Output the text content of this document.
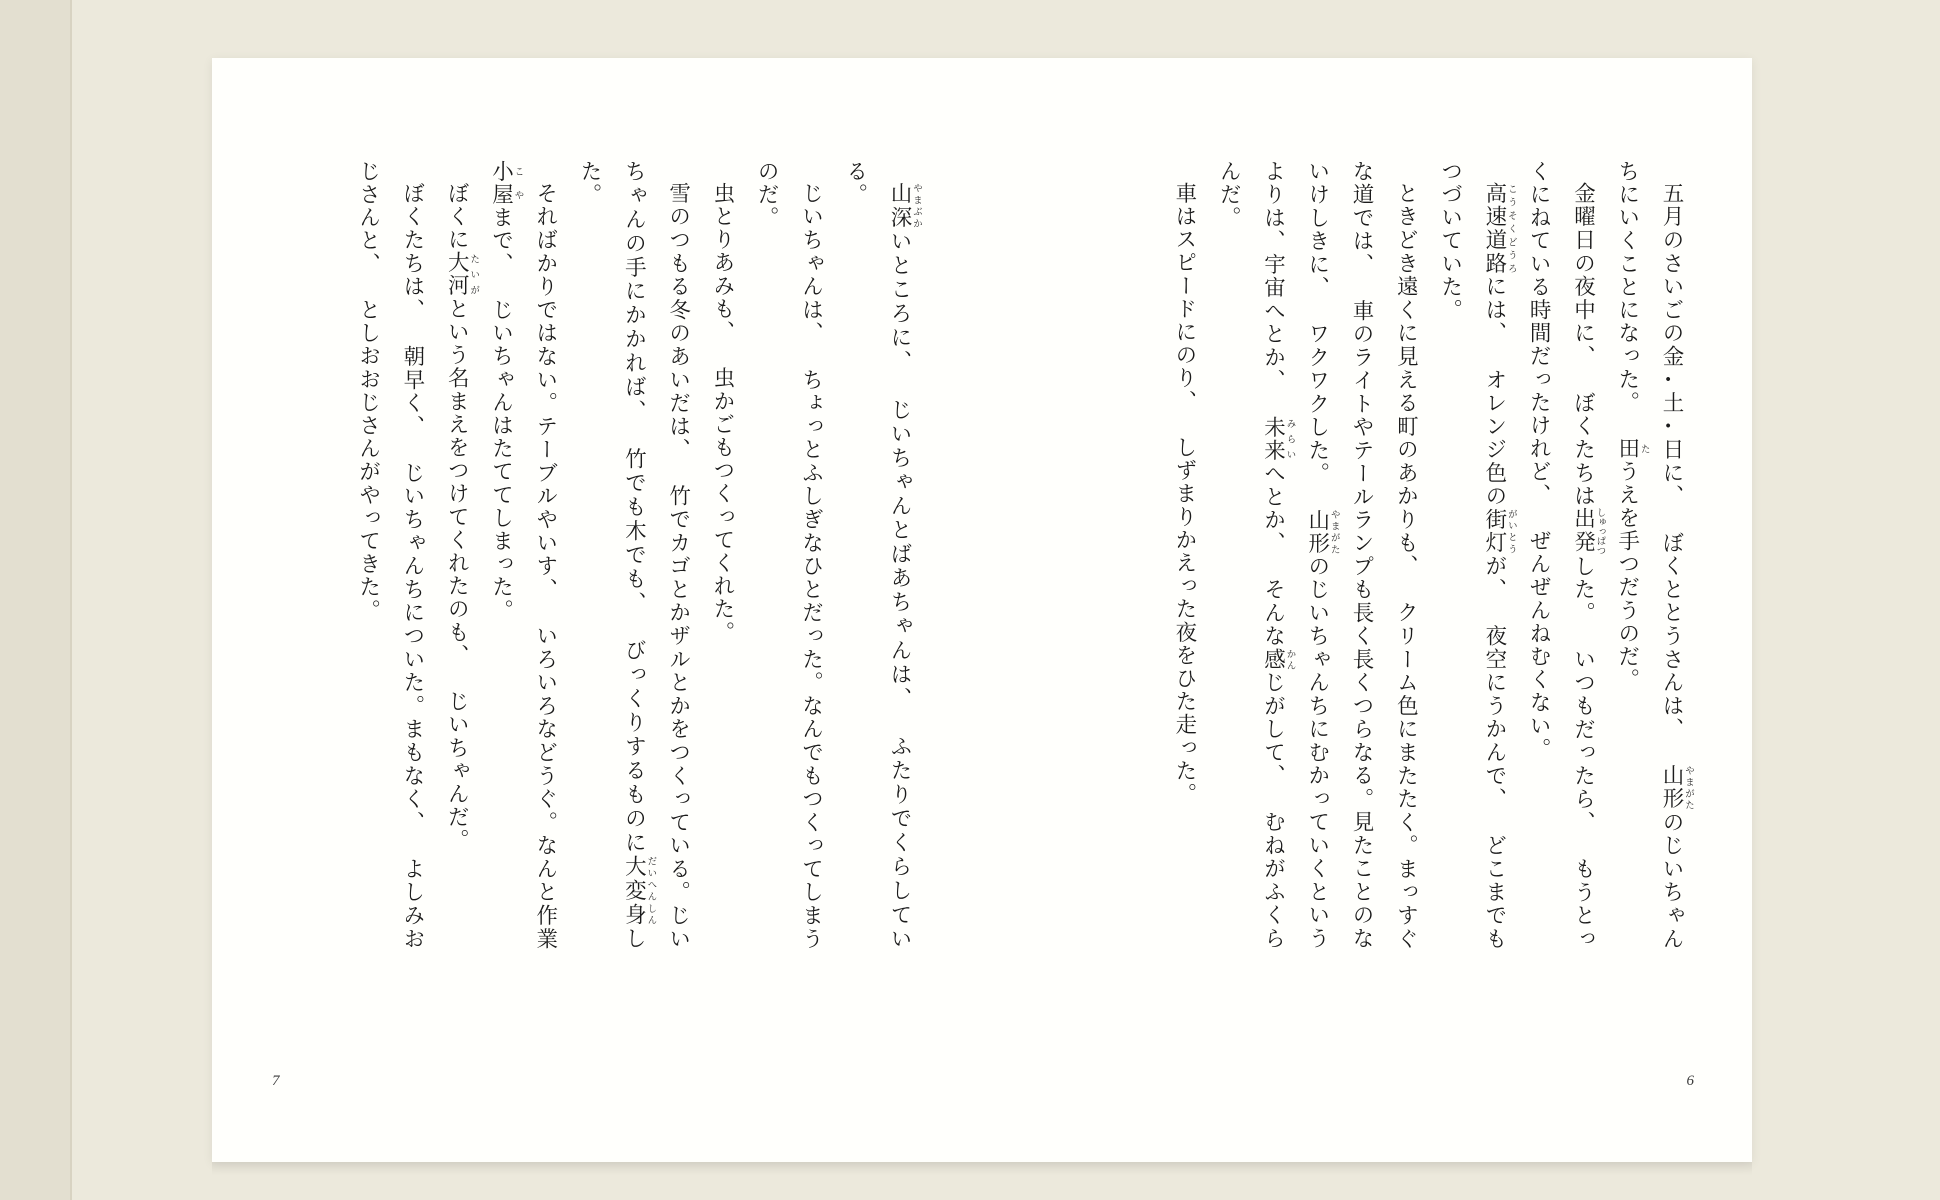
五月のさいごの金・土・日に、　ぼくととうさんは、　山形 やまがたのじいちゃんちにいくことになった。　田 たうえを手つだうのだ。

金曜日の夜中に、　ぼくたちは出発 しゅっぱつした。　いつもだったら、　もうとっくにねている時間だったけれど、　ぜんぜんねむくない。

高速道路 こうそくどうろには、　オレンジ色の街灯 がいとうが、　夜空にうかんで、　どこまでもつづいていた。

ときどき遠くに見える町のあかりも、　クリーム色にまたたく。まっすぐな道では、　車のライトやテールランプも長く長くつらなる。見たことのないけしきに、　ワクワクした。　山形 やまがたのじいちゃんちにむかっていくというよりは、宇宙へとか、　未来 みらいへとか、　そんな感 かんじがして、　むねがふくらんだ。

車はスピードにのり、　しずまりかえった夜をひた走った。

6

山深 やまぶかいところに、　じいちゃんとばあちゃんは、　ふたりでくらしている。

じいちゃんは、　ちょっとふしぎなひとだった。なんでもつくってしまうのだ。

虫とりあみも、　虫かごもつくってくれた。

雪のつもる冬のあいだは、　竹でカゴとかザルとかをつくっている。じいちゃんの手にかかれば、　竹でも木でも、　びっくりするものに大変身 だいへんしんした。

そればかりではない。テーブルやいす、　いろいろなどうぐ。なんと作業小屋 こやまで、　じいちゃんはたててしまった。

ぼくに大河 たいがという名まえをつけてくれたのも、　じいちゃんだ。

ぼくたちは、　朝早く、　じいちゃんちについた。まもなく、　よしみおじさんと、　としおおじさんがやってきた。

7
